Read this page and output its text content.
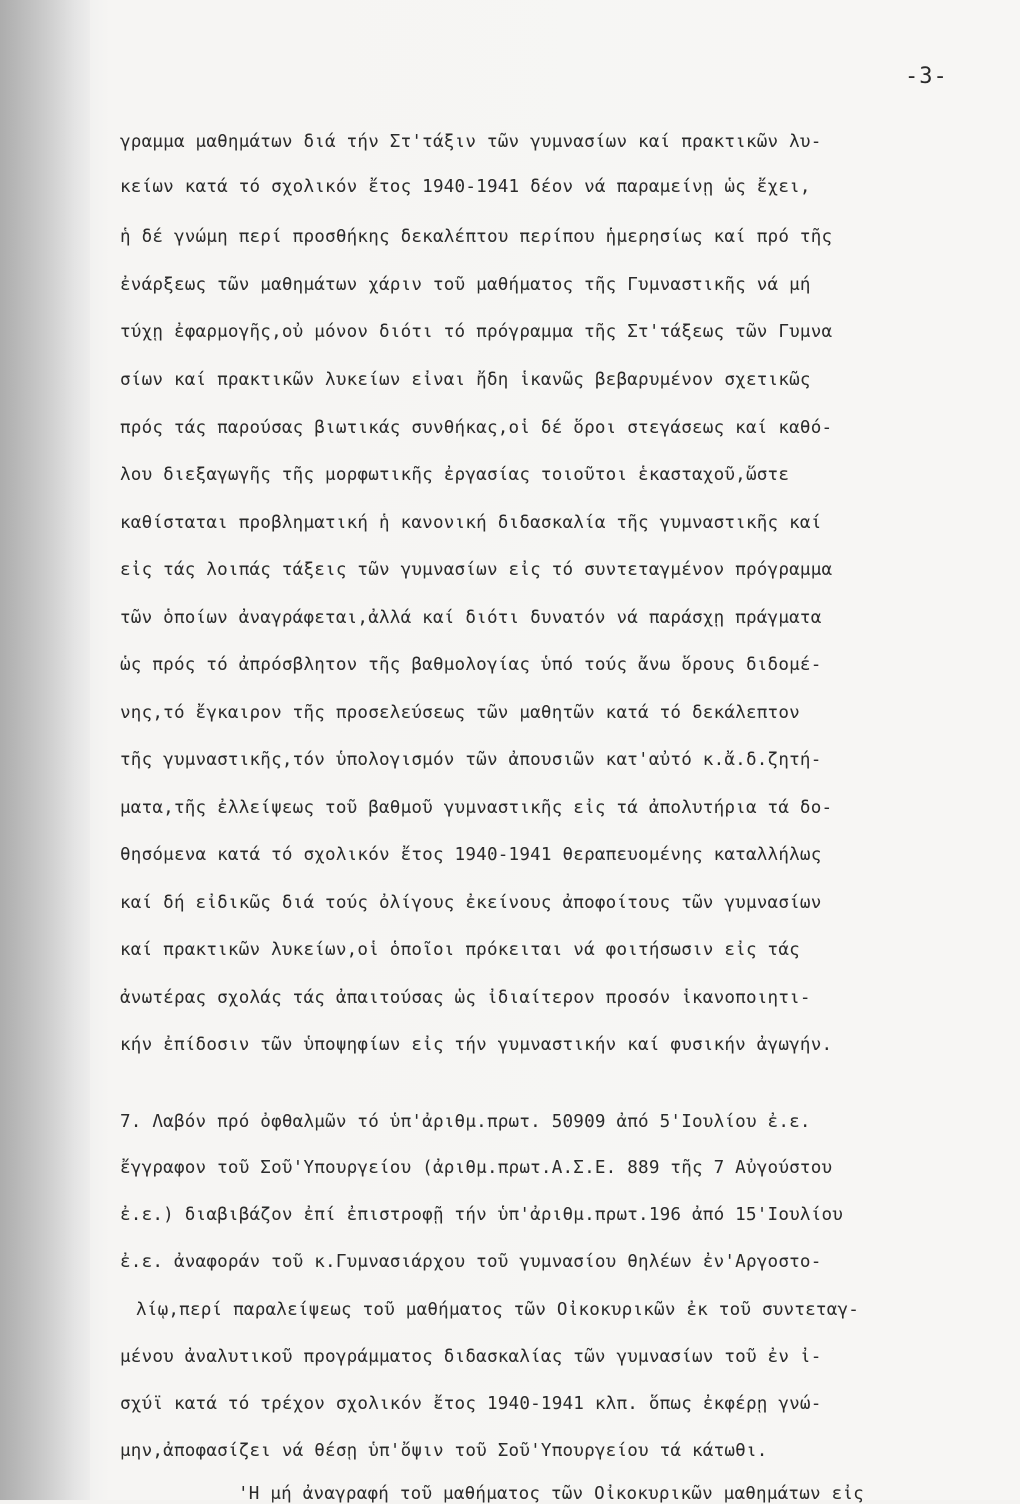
-3-
γραμμα μαθημάτων διά τήν Στ'τάξιν τῶν γυμνασίων καί πρακτικῶν λυ-
κείων κατά τό σχολικόν ἔτος 1940-1941 δέον νά παραμείνῃ ὡς ἔχει,
ἡ δέ γνώμη περί προσθήκης δεκαλέπτου περίπου ἡμερησίως καί πρό τῆς
ἐνάρξεως τῶν μαθημάτων χάριν τοῦ μαθήματος τῆς Γυμναστικῆς νά μή
τύχῃ ἐφαρμογῆς,οὐ μόνον διότι τό πρόγραμμα τῆς Στ'τάξεως τῶν Γυμνα
σίων καί πρακτικῶν λυκείων εἶναι ἤδη ἱκανῶς βεβαρυμένον σχετικῶς
πρός τάς παρούσας βιωτικάς συνθήκας,οἱ δέ ὅροι στεγάσεως καί καθό-
λου διεξαγωγῆς τῆς μορφωτικῆς ἐργασίας τοιοῦτοι ἑκασταχοῦ,ὥστε
καθίσταται προβληματική ἡ κανονική διδασκαλία τῆς γυμναστικῆς καί
εἰς τάς λοιπάς τάξεις τῶν γυμνασίων εἰς τό συντεταγμένον πρόγραμμα
τῶν ὁποίων ἀναγράφεται,ἀλλά καί διότι δυνατόν νά παράσχῃ πράγματα
ὡς πρός τό ἀπρόσβλητον τῆς βαθμολογίας ὑπό τούς ἄνω ὅρους διδομέ-
νης,τό ἔγκαιρον τῆς προσελεύσεως τῶν μαθητῶν κατά τό δεκάλεπτον
τῆς γυμναστικῆς,τόν ὑπολογισμόν τῶν ἀπουσιῶν κατ'αὐτό κ.ἄ.δ.ζητή-
ματα,τῆς ἐλλείψεως τοῦ βαθμοῦ γυμναστικῆς εἰς τά ἀπολυτήρια τά δο-
θησόμενα κατά τό σχολικόν ἔτος 1940-1941 θεραπευομένης καταλλήλως
καί δή εἰδικῶς διά τούς ὀλίγους ἐκείνους ἀποφοίτους τῶν γυμνασίων
καί πρακτικῶν λυκείων,οἱ ὁποῖοι πρόκειται νά φοιτήσωσιν εἰς τάς
ἀνωτέρας σχολάς τάς ἀπαιτούσας ὡς ἰδιαίτερον προσόν ἱκανοποιητι-
κήν ἐπίδοσιν τῶν ὑποψηφίων εἰς τήν γυμναστικήν καί φυσικήν ἀγωγήν.
7. Λαβόν πρό ὀφθαλμῶν τό ὑπ'ἀριθμ.πρωτ. 50909 ἀπό 5'Ιουλίου ἐ.ε.
ἔγγραφον τοῦ Σοῦ'Υπουργείου (ἀριθμ.πρωτ.Α.Σ.Ε. 889 τῆς 7 Αὐγούστου
ἐ.ε.) διαβιβάζον ἐπί ἐπιστροφῇ τήν ὑπ'ἀριθμ.πρωτ.196 ἀπό 15'Ιουλίου
ἐ.ε. ἀναφοράν τοῦ κ.Γυμνασιάρχου τοῦ γυμνασίου θηλέων ἐν'Αργοστο-
λίῳ,περί παραλείψεως τοῦ μαθήματος τῶν Οἰκοκυρικῶν ἐκ τοῦ συντεταγ-
μένου ἀναλυτικοῦ προγράμματος διδασκαλίας τῶν γυμνασίων τοῦ ἐν ἰ-
σχύϊ κατά τό τρέχον σχολικόν ἔτος 1940-1941 κλπ. ὅπως ἐκφέρῃ γνώ-
μην,ἀποφασίζει νά θέσῃ ὑπ'ὄψιν τοῦ Σοῦ'Υπουργείου τά κάτωθι.
'Η μή ἀναγραφή τοῦ μαθήματος τῶν Οἰκοκυρικῶν μαθημάτων εἰς
